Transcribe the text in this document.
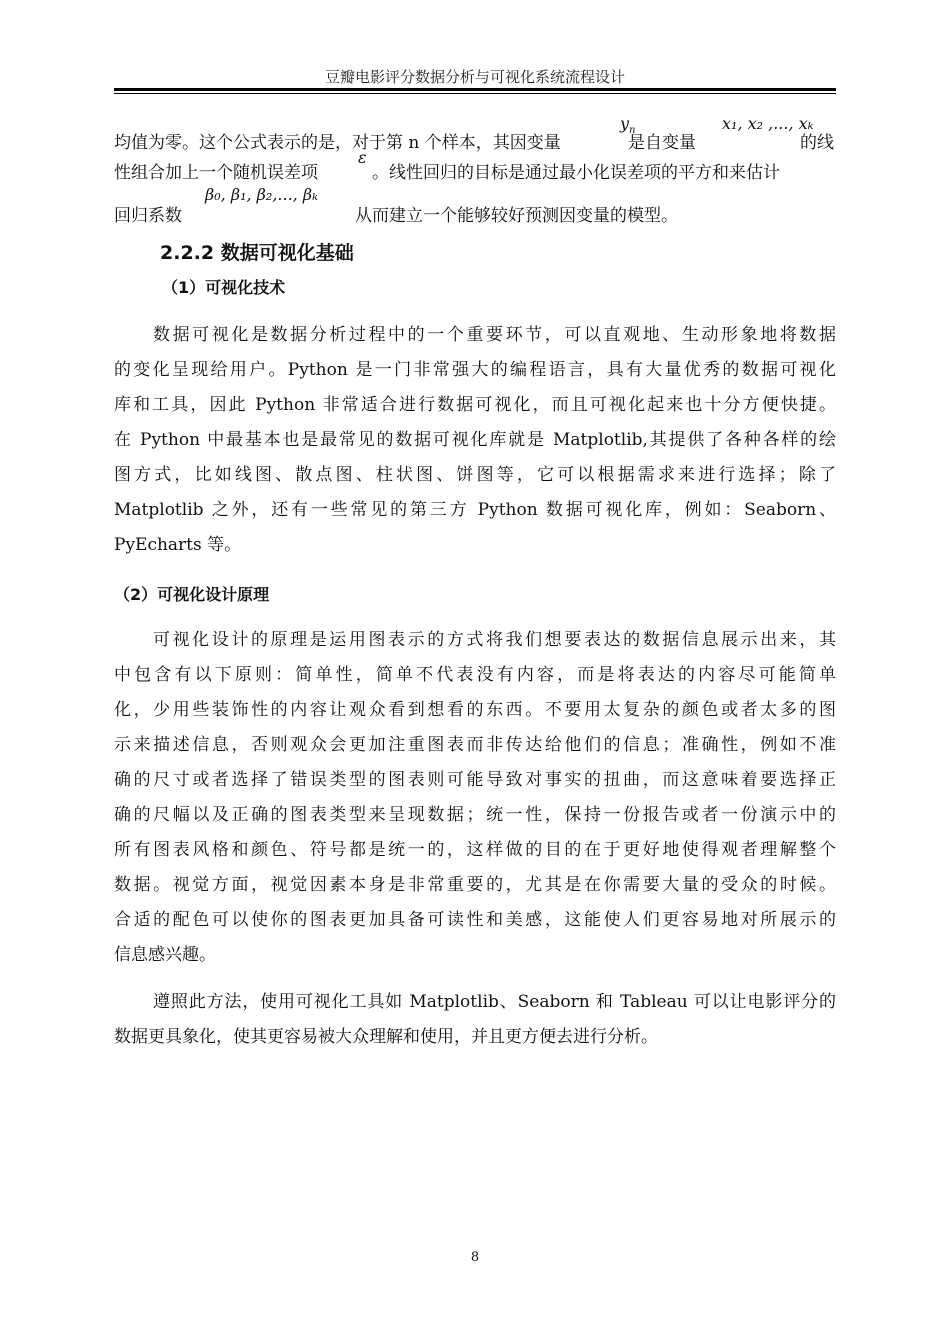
豆瓣电影评分数据分析与可视化系统流程设计
均值为零。这个公式表示的是，对于第 n 个样本，其因变量	是自变量	的线
$y_n$	x₁, x₂ ,..., xₖ
性组合加上一个随机误差项
ε
。线性回归的目标是通过最小化误差项的平方和来估计
回归系数
β₀, β₁, β₂,..., βₖ
从而建立一个能够较好预测因变量的模型。
2.2.2 数据可视化基础
（1）可视化技术
数据可视化是数据分析过程中的一个重要环节，可以直观地、生动形象地将数据
的变化呈现给用户。Python 是一门非常强大的编程语言，具有大量优秀的数据可视化
库和工具，因此 Python 非常适合进行数据可视化，而且可视化起来也十分方便快捷。
在 Python 中最基本也是最常见的数据可视化库就是 Matplotlib,其提供了各种各样的绘
图方式，比如线图、散点图、柱状图、饼图等，它可以根据需求来进行选择；除了
Matplotlib 之外，还有一些常见的第三方 Python 数据可视化库，例如：Seaborn、
PyEcharts 等。
（2）可视化设计原理
可视化设计的原理是运用图表示的方式将我们想要表达的数据信息展示出来，其
中包含有以下原则：简单性，简单不代表没有内容，而是将表达的内容尽可能简单
化，少用些装饰性的内容让观众看到想看的东西。不要用太复杂的颜色或者太多的图
示来描述信息，否则观众会更加注重图表而非传达给他们的信息；准确性，例如不准
确的尺寸或者选择了错误类型的图表则可能导致对事实的扭曲，而这意味着要选择正
确的尺幅以及正确的图表类型来呈现数据；统一性，保持一份报告或者一份演示中的
所有图表风格和颜色、符号都是统一的，这样做的目的在于更好地使得观者理解整个
数据。视觉方面，视觉因素本身是非常重要的，尤其是在你需要大量的受众的时候。
合适的配色可以使你的图表更加具备可读性和美感，这能使人们更容易地对所展示的
信息感兴趣。
遵照此方法，使用可视化工具如 Matplotlib、Seaborn 和 Tableau 可以让电影评分的
数据更具象化，使其更容易被大众理解和使用，并且更方便去进行分析。
8
